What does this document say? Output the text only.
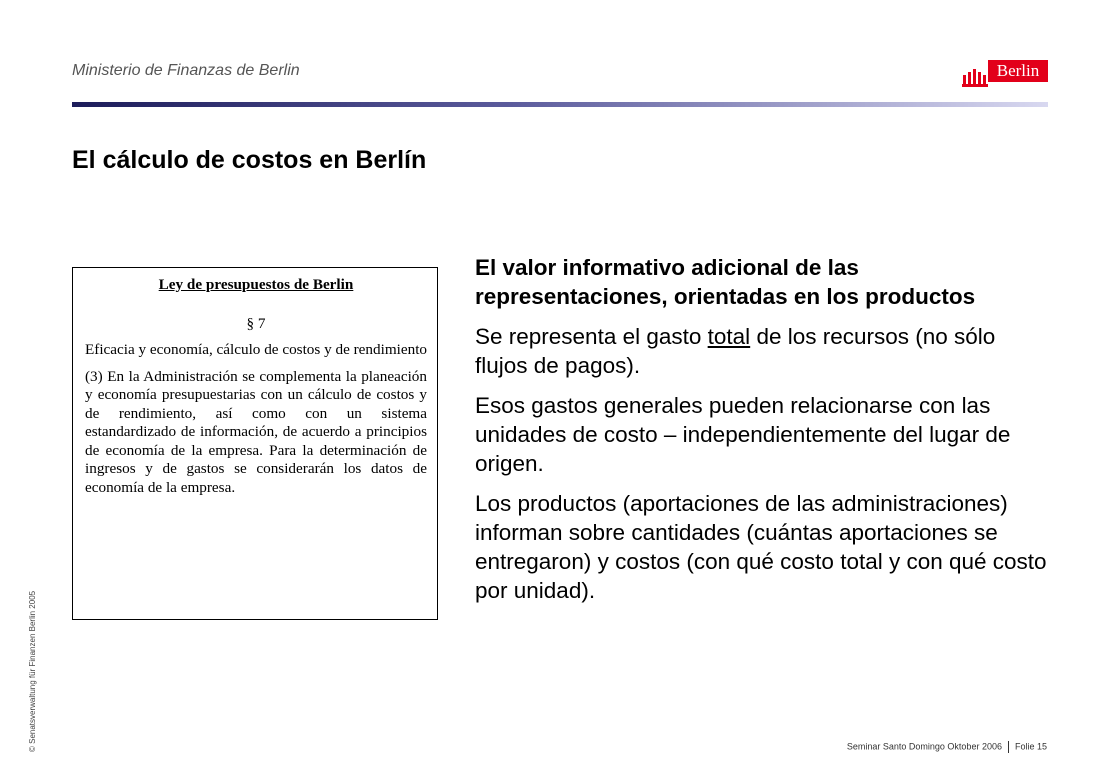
Ministerio de Finanzas de Berlin	Berlin
El cálculo de costos en Berlín

Ley de presupuestos de Berlin

§ 7

Eficacia y economía, cálculo de costos y de rendimiento

(3) En la Administración se complementa la planeación y economía presupuestarias con un cálculo de costos y de rendimiento, así como con un sistema estandardizado de información, de acuerdo a principios de economía de la empresa. Para la determinación de ingresos y de gastos se considerarán los datos de economía de la empresa.

El valor informativo adicional de las representaciones, orientadas en los productos

Se representa el gasto total de los recursos (no sólo flujos de pagos).

Esos gastos generales pueden relacionarse con las unidades de costo – independientemente del lugar de origen.

Los productos (aportaciones de las administraciones) informan sobre cantidades (cuántas aportaciones se entregaron) y costos (con qué costo total y con qué costo por unidad).

© Senatsverwaltung für Finanzen Berlin 2005	Seminar Santo Domingo Oktober 2006 Folie 15
